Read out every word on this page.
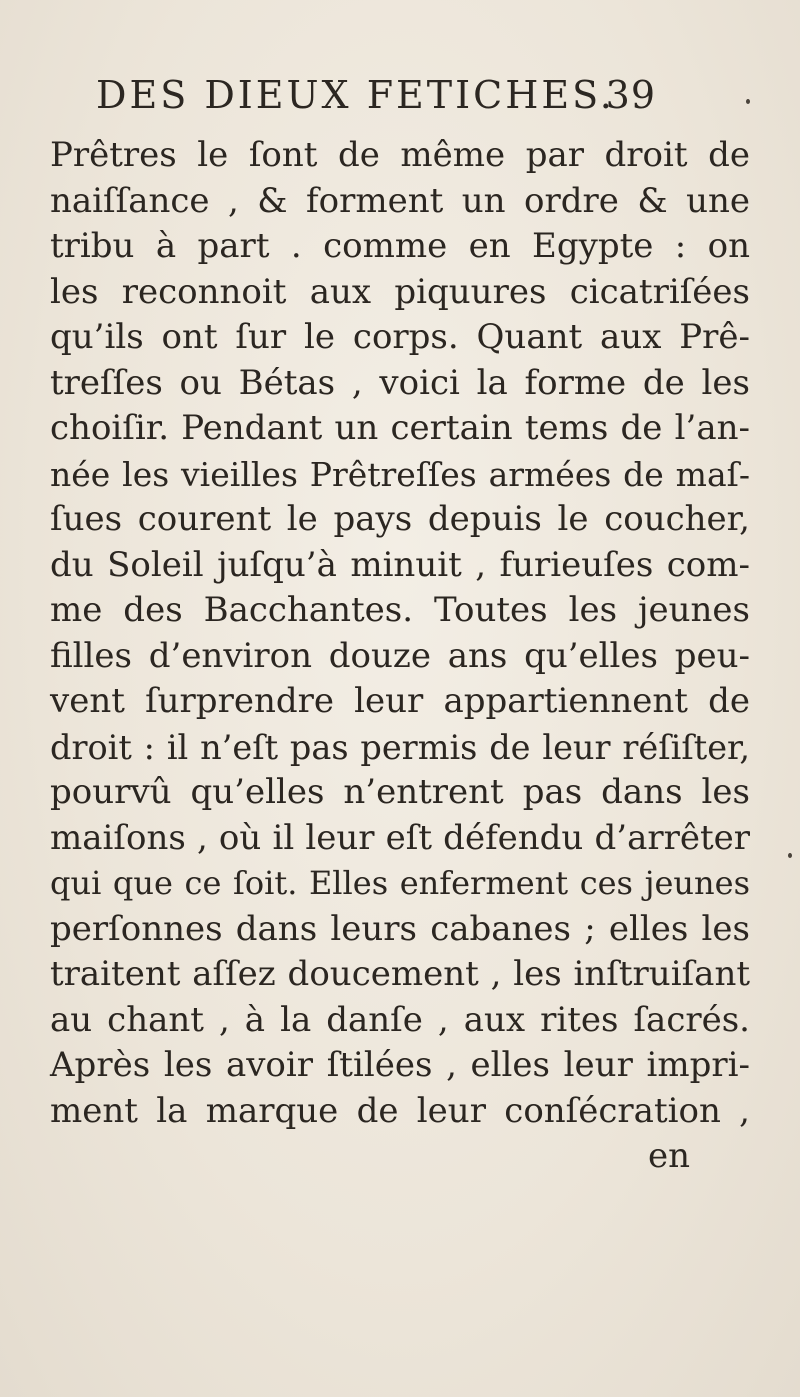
DES DIEUX FETICHES.
39
Prêtres le ſont de même par droit de
naiſſance , & forment un ordre & une
tribu à part . comme en Egypte : on
les reconnoit aux piquures cicatriſées
qu’ils ont ſur le corps. Quant aux Prê-
treſſes ou Bétas , voici la forme de les
choiſir. Pendant un certain tems de l’an-
née les vieilles Prêtreſſes armées de maſ-
ſues courent le pays depuis le coucher,
du Soleil juſqu’à minuit , furieuſes com-
me des Bacchantes. Toutes les jeunes
filles d’environ douze ans qu’elles peu-
vent ſurprendre leur appartiennent de
droit : il n’eſt pas permis de leur réſiſter,
pourvû qu’elles n’entrent pas dans les
maiſons , où il leur eſt défendu d’arrêter
qui que ce ſoit. Elles enferment ces jeunes
perſonnes dans leurs cabanes ; elles les
traitent aſſez doucement , les inſtruiſant
au chant , à la danſe , aux rites ſacrés.
Après les avoir ſtilées , elles leur impri-
ment la marque de leur conſécration ,
en
